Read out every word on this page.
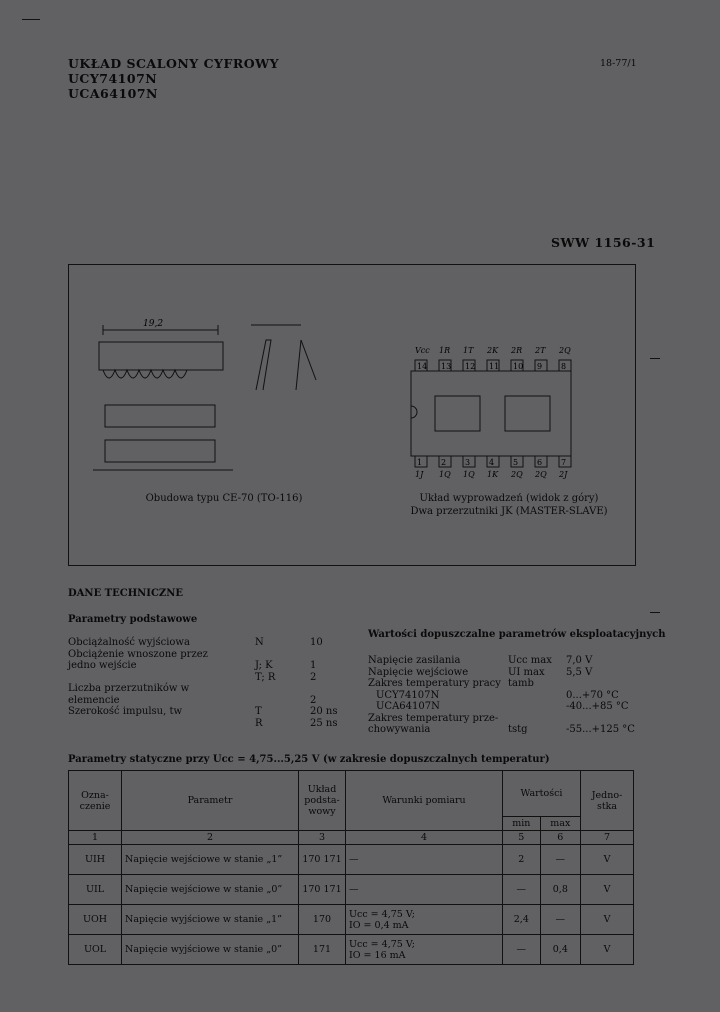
UKŁAD SCALONY CYFROWY
UCY74107N
UCA64107N
18-77/1
SWW 1156-31
19,2
Obudowa typu CE-70 (TO-116)
14
Vcc
13
1R
12
1T
11
2K
10
2R
9
2T
8
2Q
1
1J
2
1Q
3
1Q
4
1K
5
2Q
6
2Q
7
2J
Układ wyprowadzeń (widok z góry)
Dwa przerzutniki JK (MASTER-SLAVE)
DANE TECHNICZNE
Parametry podstawowe
Obciążalność wyjściowa	N	10
Obciążenie wnoszone przez
jedno wejście	J; K	1
T; R	2
Liczba przerzutników w
elemencie	2
Szerokość impulsu, tw	T	20 ns
R	25 ns
Wartości dopuszczalne parametrów eksploatacyjnych
Napięcie zasilania	Ucc max 7,0 V
Napięcie wejściowe	UI max 5,5 V
Zakres temperatury pracy tamb
UCY74107N	0...+70 °C
UCA64107N	-40...+85 °C
Zakres temperatury prze-
chowywania	tstg	-55...+125 °C
Parametry statyczne przy Ucc = 4,75...5,25 V (w zakresie dopuszczalnych temperatur)
Ozna-czenie	Parametr	Układ podsta-wowy	Warunki pomiaru	Wartości		Jedno-stka
				min	max	
1	2	3	4	5	6	7
UIH	Napięcie wejściowe w stanie „1”	170 171	—	2	—	V
UIL	Napięcie wejściowe w stanie „0”	170 171	—	—	0,8	V
UOH	Napięcie wyjściowe w stanie „1”	170	Ucc = 4,75 V;
IO = 0,4 mA	2,4	—	V
UOL	Napięcie wyjściowe w stanie „0”	171	Ucc = 4,75 V;
IO = 16 mA	—	0,4	V
